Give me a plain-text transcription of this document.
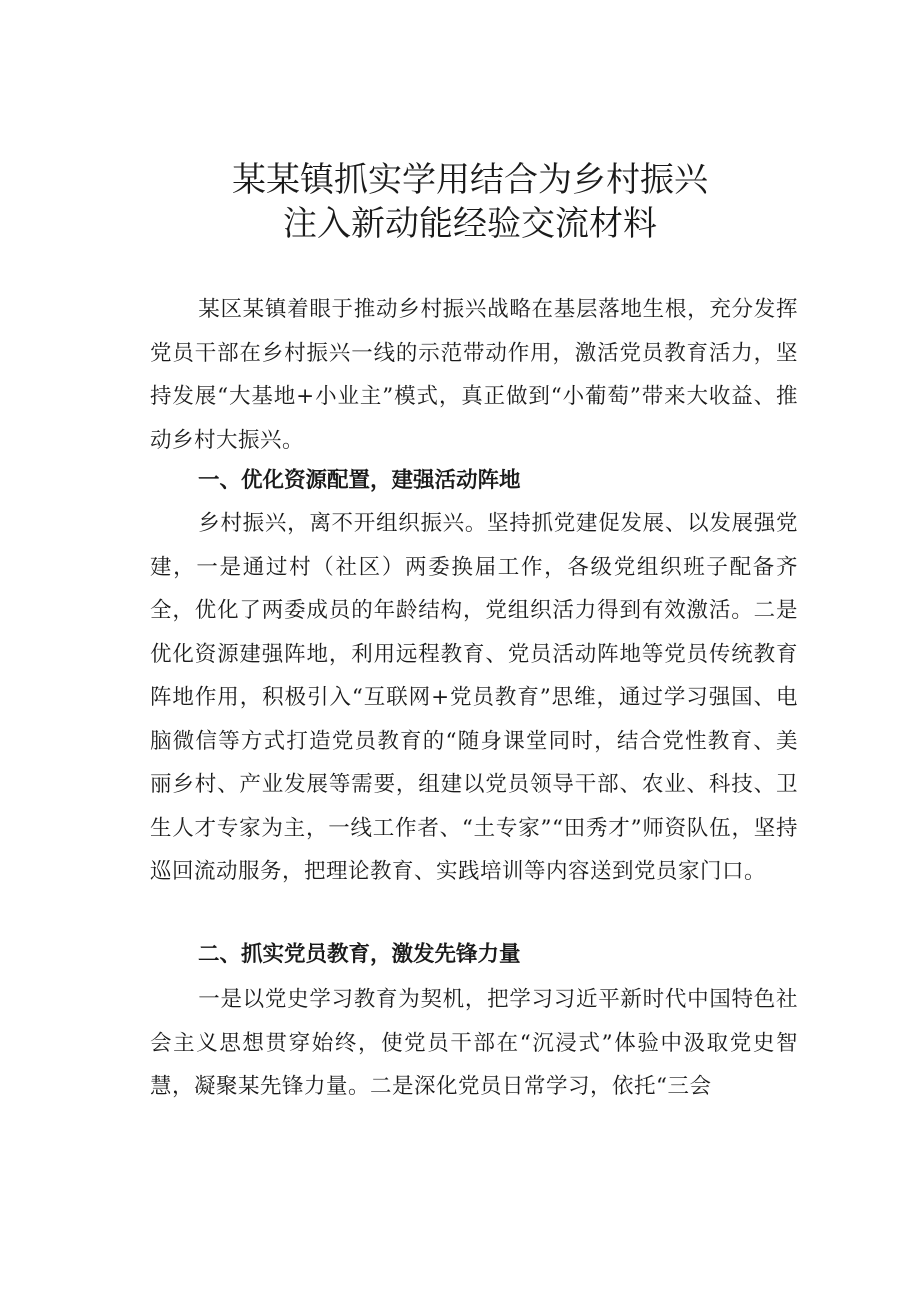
某某镇抓实学用结合为乡村振兴
注入新动能经验交流材料

某区某镇着眼于推动乡村振兴战略在基层落地生根，充分发挥党员干部在乡村振兴一线的示范带动作用，激活党员教育活力，坚持发展“大基地+小业主”模式，真正做到“小葡萄”带来大收益、推动乡村大振兴。

一、优化资源配置，建强活动阵地

乡村振兴，离不开组织振兴。坚持抓党建促发展、以发展强党建，一是通过村（社区）两委换届工作，各级党组织班子配备齐全，优化了两委成员的年龄结构，党组织活力得到有效激活。二是优化资源建强阵地，利用远程教育、党员活动阵地等党员传统教育阵地作用，积极引入“互联网+党员教育”思维，通过学习强国、电脑微信等方式打造党员教育的“随身课堂同时，结合党性教育、美丽乡村、产业发展等需要，组建以党员领导干部、农业、科技、卫生人才专家为主，一线工作者、“土专家”“田秀才”师资队伍，坚持巡回流动服务，把理论教育、实践培训等内容送到党员家门口。

二、抓实党员教育，激发先锋力量

一是以党史学习教育为契机，把学习习近平新时代中国特色社会主义思想贯穿始终，使党员干部在“沉浸式”体验中汲取党史智慧，凝聚某先锋力量。二是深化党员日常学习，依托“三会
